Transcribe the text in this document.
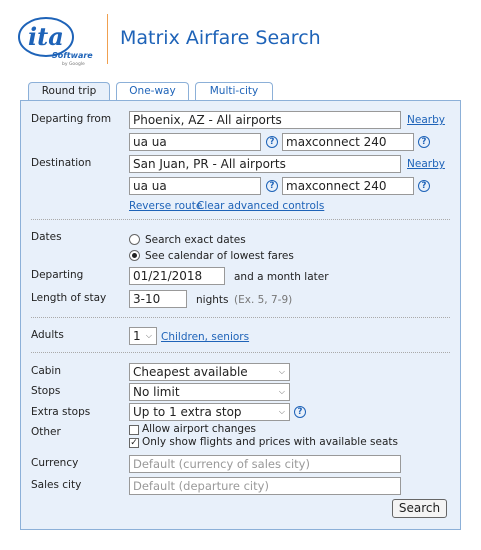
ita
Software
by Google
Matrix Airfare Search
Round trip	One-way	Multi-city
Departing from	Phoenix, AZ - All airports	Nearby
ua ua	? maxconnect 240	?
Destination	San Juan, PR - All airports	Nearby
ua ua	? maxconnect 240	?
Reverse route
Clear advanced controls
Dates	Search exact dates
See calendar of lowest fares
Departing	01/21/2018	and a month later
Length of stay	3-10	nights (Ex. 5, 7-9)
Adults	1 ⌵ Children, seniors
Cabin	Cheapest available	⌵
Stops	No limit	⌵
Extra stops	Up to 1 extra stop	⌵	?
Other	Allow airport changes
✓ Only show flights and prices with available seats
Currency	Default (currency of sales city)
Sales city	Default (departure city)
Search
